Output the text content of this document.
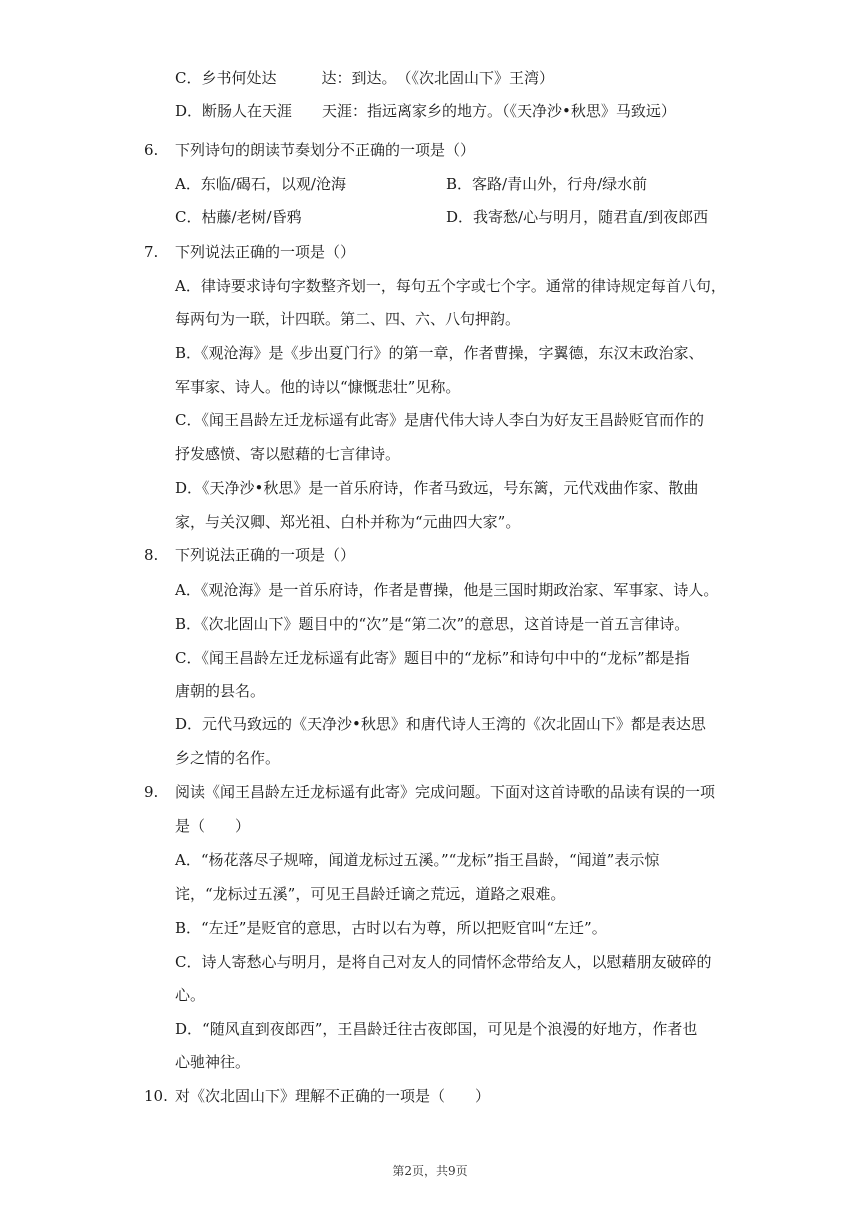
C．乡书何处达　　　达：到达。　（《次北固山下》王湾）
D．断肠人在天涯　　天涯：指远离家乡的地方。（《天净沙•秋思》马致远）
6. 下列诗句的朗读节奏划分不正确的一项是（）
A．东临/碣石，以观/沧海	B．客路/青山外，行舟/绿水前
C．枯藤/老树/昏鸦	D．我寄愁/心与明月，随君直/到夜郎西
7. 下列说法正确的一项是（）
A．律诗要求诗句字数整齐划一，每句五个字或七个字。通常的律诗规定每首八句，
每两句为一联，计四联。第二、四、六、八句押韵。
B．《观沧海》是《步出夏门行》的第一章，作者曹操，字翼德，东汉末政治家、
军事家、诗人。他的诗以“慷慨悲壮”见称。
C．《闻王昌龄左迁龙标遥有此寄》是唐代伟大诗人李白为好友王昌龄贬官而作的
抒发感愤、寄以慰藉的七言律诗。
D．《天净沙•秋思》是一首乐府诗，作者马致远，号东篱，元代戏曲作家、散曲
家，与关汉卿、郑光祖、白朴并称为“元曲四大家”。
8. 下列说法正确的一项是（）
A．《观沧海》是一首乐府诗，作者是曹操，他是三国时期政治家、军事家、诗人。
B．《次北固山下》题目中的“次”是“第二次”的意思，这首诗是一首五言律诗。
C．《闻王昌龄左迁龙标遥有此寄》题目中的“龙标”和诗句中中的“龙标”都是指
唐朝的县名。
D．元代马致远的《天净沙•秋思》和唐代诗人王湾的《次北固山下》都是表达思
乡之情的名作。
9. 阅读《闻王昌龄左迁龙标遥有此寄》完成问题。下面对这首诗歌的品读有误的一项
是（　　）
A．“杨花落尽子规啼，闻道龙标过五溪。”“龙标”指王昌龄，“闻道”表示惊
诧，“龙标过五溪”，可见王昌龄迁谪之荒远，道路之艰难。
B．“左迁”是贬官的意思，古时以右为尊，所以把贬官叫“左迁”。
C．诗人寄愁心与明月，是将自己对友人的同情怀念带给友人，以慰藉朋友破碎的
心。
D．“随风直到夜郎西”，王昌龄迁往古夜郎国，可见是个浪漫的好地方，作者也
心驰神往。
10. 对《次北固山下》理解不正确的一项是（　　）
第2页，共9页
